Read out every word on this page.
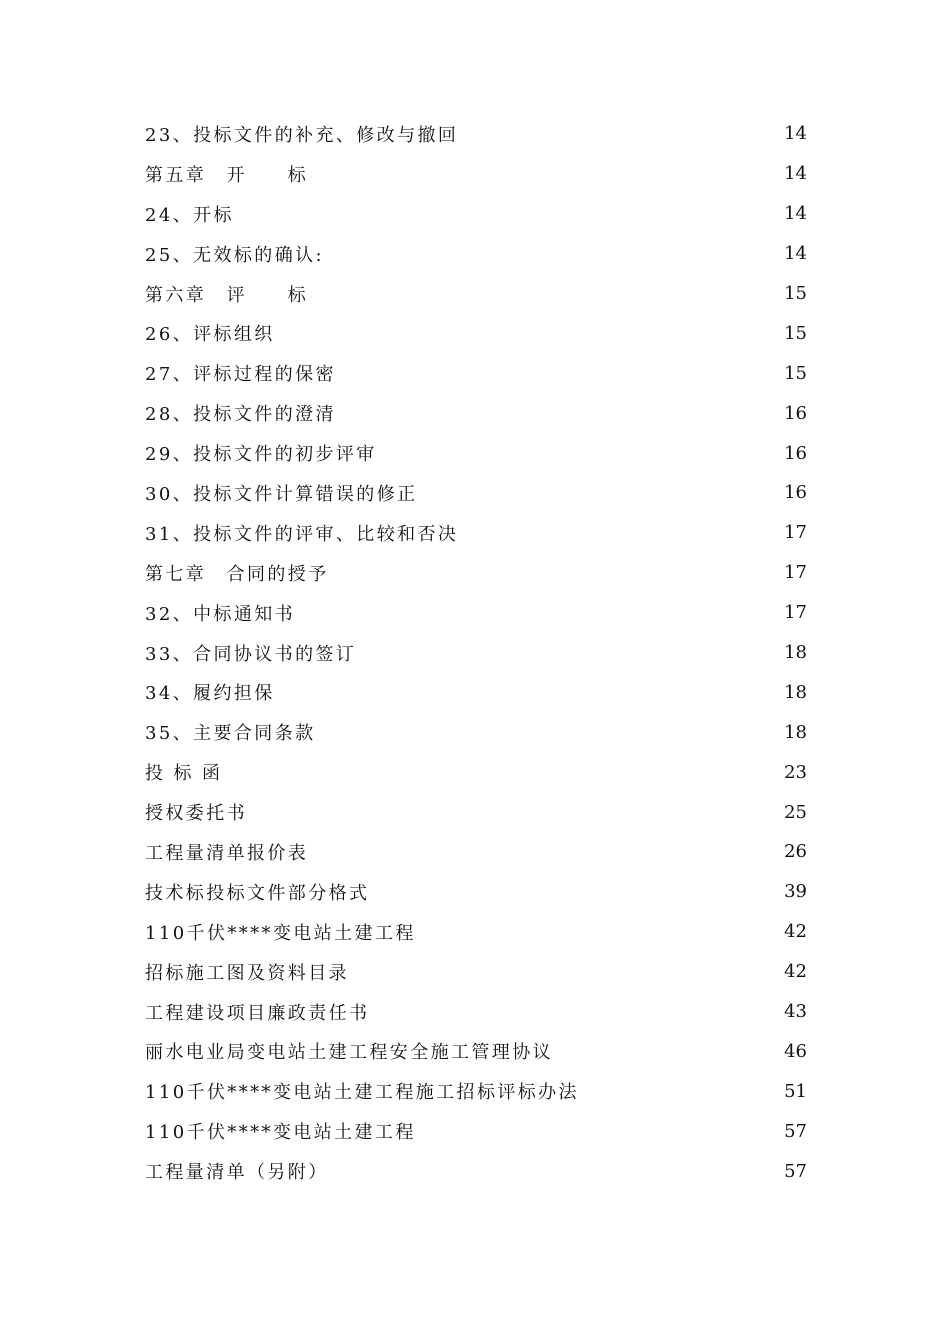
23、投标文件的补充、修改与撤回	14
第五章　开　　标	14
24、开标	14
25、无效标的确认:	14
第六章　评　　标	15
26、评标组织	15
27、评标过程的保密	15
28、投标文件的澄清	16
29、投标文件的初步评审	16
30、投标文件计算错误的修正	16
31、投标文件的评审、比较和否决	17
第七章　合同的授予	17
32、中标通知书	17
33、合同协议书的签订	18
34、履约担保	18
35、主要合同条款	18
投 标 函	23
授权委托书	25
工程量清单报价表	26
技术标投标文件部分格式	39
110千伏****变电站土建工程	42
招标施工图及资料目录	42
工程建设项目廉政责任书	43
丽水电业局变电站土建工程安全施工管理协议	46
110千伏****变电站土建工程施工招标评标办法	51
110千伏****变电站土建工程	57
工程量清单（另附）	57
